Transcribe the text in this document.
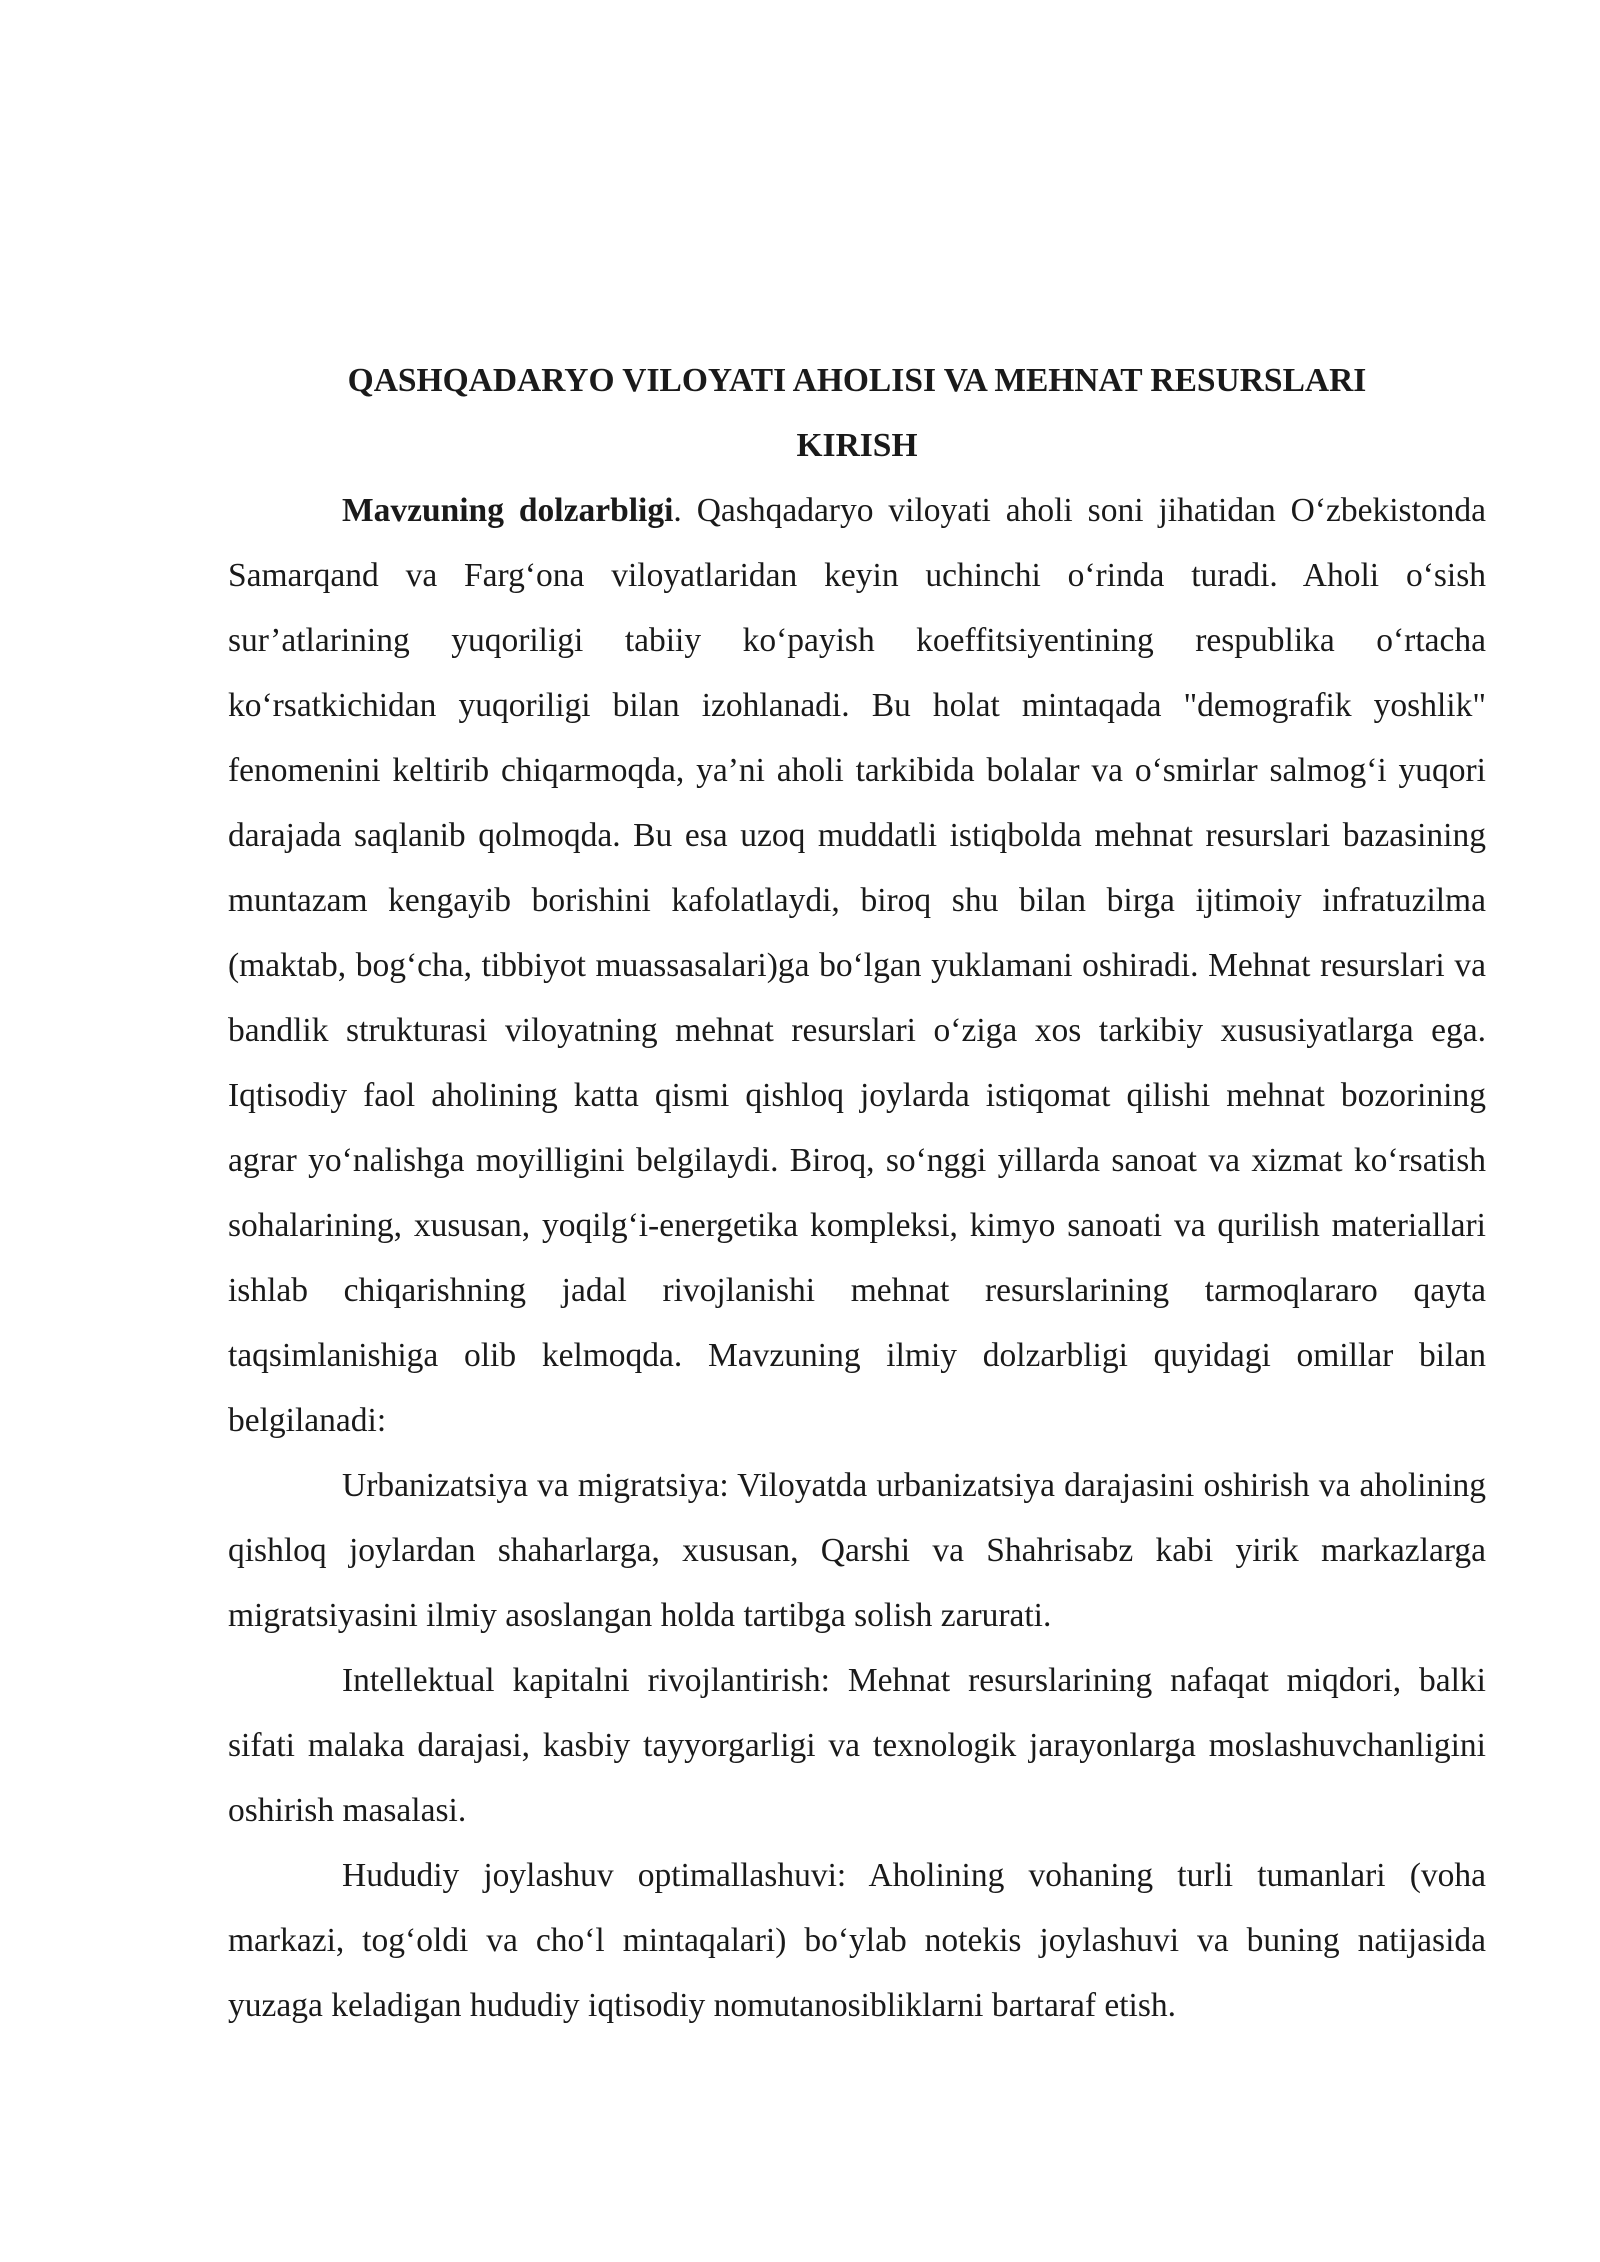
QASHQADARYO VILOYATI AHOLISI VA MEHNAT RESURSLARI

KIRISH

Mavzuning dolzarbligi. Qashqadaryo viloyati aholi soni jihatidan O‘zbekistonda Samarqand va Farg‘ona viloyatlaridan keyin uchinchi o‘rinda turadi. Aholi o‘sish sur’atlarining yuqoriligi tabiiy ko‘payish koeffitsiyentining respublika o‘rtacha ko‘rsatkichidan yuqoriligi bilan izohlanadi. Bu holat mintaqada "demografik yoshlik" fenomenini keltirib chiqarmoqda, ya’ni aholi tarkibida bolalar va o‘smirlar salmog‘i yuqori darajada saqlanib qolmoqda. Bu esa uzoq muddatli istiqbolda mehnat resurslari bazasining muntazam kengayib borishini kafolatlaydi, biroq shu bilan birga ijtimoiy infratuzilma (maktab, bog‘cha, tibbiyot muassasalari)ga bo‘lgan yuklamani oshiradi. Mehnat resurslari va bandlik strukturasi viloyatning mehnat resurslari o‘ziga xos tarkibiy xususiyatlarga ega. Iqtisodiy faol aholining katta qismi qishloq joylarda istiqomat qilishi mehnat bozorining agrar yo‘nalishga moyilligini belgilaydi. Biroq, so‘nggi yillarda sanoat va xizmat ko‘rsatish sohalarining, xususan, yoqilg‘i-energetika kompleksi, kimyo sanoati va qurilish materiallari ishlab chiqarishning jadal rivojlanishi mehnat resurslarining tarmoqlararo qayta taqsimlanishiga olib kelmoqda. Mavzuning ilmiy dolzarbligi quyidagi omillar bilan belgilanadi:

Urbanizatsiya va migratsiya: Viloyatda urbanizatsiya darajasini oshirish va aholining qishloq joylardan shaharlarga, xususan, Qarshi va Shahrisabz kabi yirik markazlarga migratsiyasini ilmiy asoslangan holda tartibga solish zarurati.

Intellektual kapitalni rivojlantirish: Mehnat resurslarining nafaqat miqdori, balki sifati malaka darajasi, kasbiy tayyorgarligi va texnologik jarayonlarga moslashuvchanligini oshirish masalasi.

Hududiy joylashuv optimallashuvi: Aholining vohaning turli tumanlari (voha markazi, tog‘oldi va cho‘l mintaqalari) bo‘ylab notekis joylashuvi va buning natijasida yuzaga keladigan hududiy iqtisodiy nomutanosibliklarni bartaraf etish.
